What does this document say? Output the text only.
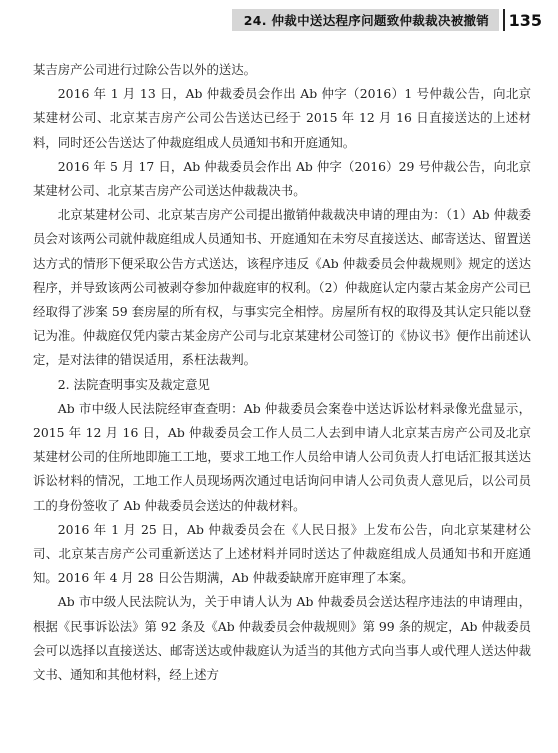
24. 仲裁中送达程序问题致仲裁裁决被撤销	135

某吉房产公司进行过除公告以外的送达。

2016 年 1 月 13 日，Ab 仲裁委员会作出 Ab 仲字（2016）1 号仲裁公告，向北京某建材公司、北京某吉房产公司公告送达已经于 2015 年 12 月 16 日直接送达的上述材料，同时还公告送达了仲裁庭组成人员通知书和开庭通知。

2016 年 5 月 17 日，Ab 仲裁委员会作出 Ab 仲字（2016）29 号仲裁公告，向北京某建材公司、北京某吉房产公司送达仲裁裁决书。

北京某建材公司、北京某吉房产公司提出撤销仲裁裁决申请的理由为：（1）Ab 仲裁委员会对该两公司就仲裁庭组成人员通知书、开庭通知在未穷尽直接送达、邮寄送达、留置送达方式的情形下便采取公告方式送达，该程序违反《Ab 仲裁委员会仲裁规则》规定的送达程序，并导致该两公司被剥夺参加仲裁庭审的权利。（2）仲裁庭认定内蒙古某金房产公司已经取得了涉案 59 套房屋的所有权，与事实完全相悖。房屋所有权的取得及其认定只能以登记为准。仲裁庭仅凭内蒙古某金房产公司与北京某建材公司签订的《协议书》便作出前述认定，是对法律的错误适用，系枉法裁判。

2. 法院查明事实及裁定意见

Ab 市中级人民法院经审查查明：Ab 仲裁委员会案卷中送达诉讼材料录像光盘显示，2015 年 12 月 16 日，Ab 仲裁委员会工作人员二人去到申请人北京某吉房产公司及北京某建材公司的住所地即施工工地，要求工地工作人员给申请人公司负责人打电话汇报其送达诉讼材料的情况，工地工作人员现场两次通过电话询问申请人公司负责人意见后，以公司员工的身份签收了 Ab 仲裁委员会送达的仲裁材料。

2016 年 1 月 25 日，Ab 仲裁委员会在《人民日报》上发布公告，向北京某建材公司、北京某吉房产公司重新送达了上述材料并同时送达了仲裁庭组成人员通知书和开庭通知。2016 年 4 月 28 日公告期满，Ab 仲裁委缺席开庭审理了本案。

Ab 市中级人民法院认为，关于申请人认为 Ab 仲裁委员会送达程序违法的申请理由，根据《民事诉讼法》第 92 条及《Ab 仲裁委员会仲裁规则》第 99 条的规定，Ab 仲裁委员会可以选择以直接送达、邮寄送达或仲裁庭认为适当的其他方式向当事人或代理人送达仲裁文书、通知和其他材料，经上述方
